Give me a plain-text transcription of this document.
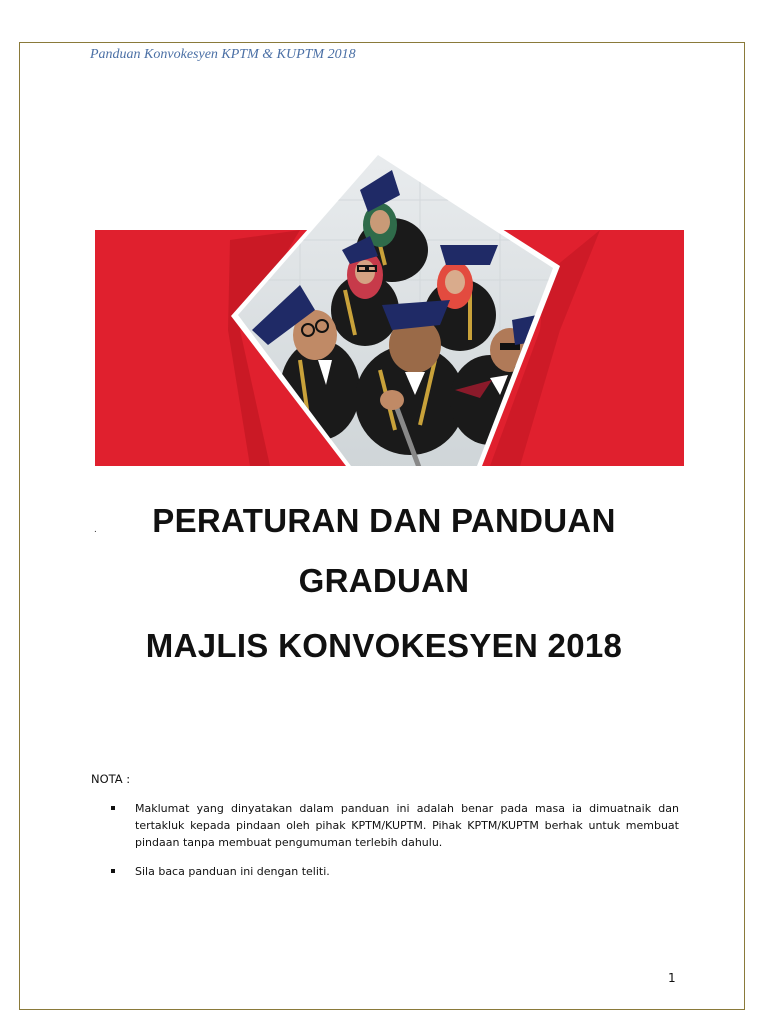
Panduan Konvokesyen KPTM & KUPTM 2018
.	PERATURAN DAN PANDUAN
GRADUAN
MAJLIS KONVOKESYEN 2018
NOTA :
Maklumat yang dinyatakan dalam panduan ini adalah benar pada masa ia dimuatnaik dan tertakluk kepada pindaan oleh pihak KPTM/KUPTM. Pihak KPTM/KUPTM berhak untuk membuat pindaan tanpa membuat pengumuman terlebih dahulu.
Sila baca panduan ini dengan teliti.
1
